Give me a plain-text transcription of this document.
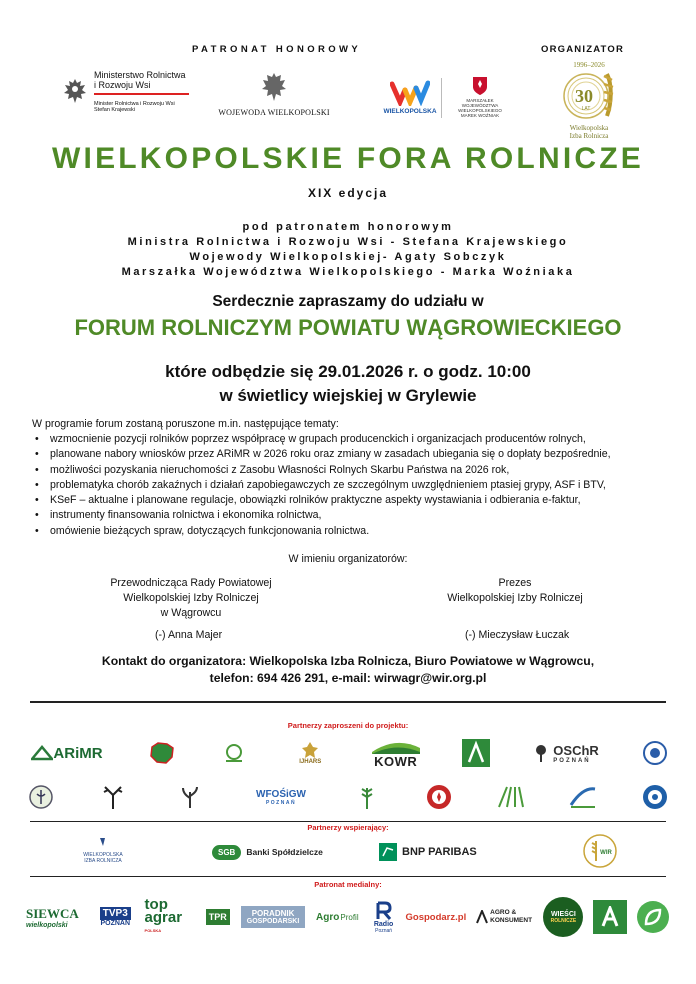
PATRONAT HONOROWY	ORGANIZATOR
Ministerstwo Rolnictwa
i Rozwoju Wsi
Minister Rolnictwa i Rozwoju Wsi
Stefan Krajewski	WOJEWODA WIELKOPOLSKI	WIELKOPOLSKA
MARSZAŁEK
WOJEWÓDZTWA
WIELKOPOLSKIEGO
MAREK WOŹNIAK
1996–2026
30
LAT
Wielkopolska
Izba Rolnicza
WIELKOPOLSKIE FORA ROLNICZE
XIX edycja
pod patronatem honorowym
Ministra Rolnictwa i Rozwoju Wsi - Stefana Krajewskiego
Wojewody Wielkopolskiej- Agaty Sobczyk
Marszałka Województwa Wielkopolskiego - Marka Woźniaka
Serdecznie zapraszamy do udziału w
FORUM ROLNICZYM POWIATU WĄGROWIECKIEGO
które odbędzie się 29.01.2026 r. o godz. 10:00
w świetlicy wiejskiej w Grylewie
W programie forum zostaną poruszone m.in. następujące tematy:
• wzmocnienie pozycji rolników poprzez współpracę w grupach producenckich i organizacjach producentów rolnych,
• planowane nabory wniosków przez ARiMR w 2026 roku oraz zmiany w zasadach ubiegania się o dopłaty bezpośrednie,
• możliwości pozyskania nieruchomości z Zasobu Własności Rolnych Skarbu Państwa na 2026 rok,
• problematyka chorób zakaźnych i działań zapobiegawczych ze szczególnym uwzględnieniem ptasiej grypy, ASF i BTV,
• KSeF – aktualne i planowane regulacje, obowiązki rolników praktyczne aspekty wystawiania i odbierania e-faktur,
• instrumenty finansowania rolnictwa i ekonomika rolnictwa,
• omówienie bieżących spraw, dotyczących funkcjonowania rolnictwa.
W imieniu organizatorów:
Przewodnicząca Rady Powiatowej
Wielkopolskiej Izby Rolniczej
w Wągrowcu
Prezes
Wielkopolskiej Izby Rolniczej
(-) Anna Majer	(-) Mieczysław Łuczak
Kontakt do organizatora: Wielkopolska Izba Rolnicza, Biuro Powiatowe w Wągrowcu,
telefon: 694 426 291, e-mail: wirwagr@wir.org.pl
Partnerzy zaproszeni do projektu:
ARiMR
IJHARS	KOWR
OSChR
POZNAŃ
WFOŚiGW
POZNAŃ
Partnerzy wspierający:
WIELKOPOLSKA
IZBA ROLNICZA
SGB	Banki Spółdzielcze	BNP PARIBAS	WIR
Patronat medialny:
SIEWCA
wielkopolski
TVP3
POZNAŃ
top
agrar
POLSKA
TPR	PORADNIK
GOSPODARSKI Agro Profil
Radio
Poznań
Gospodarz.pl	AGRO &
KONSUMENT
WIEŚCI
ROLNICZE
